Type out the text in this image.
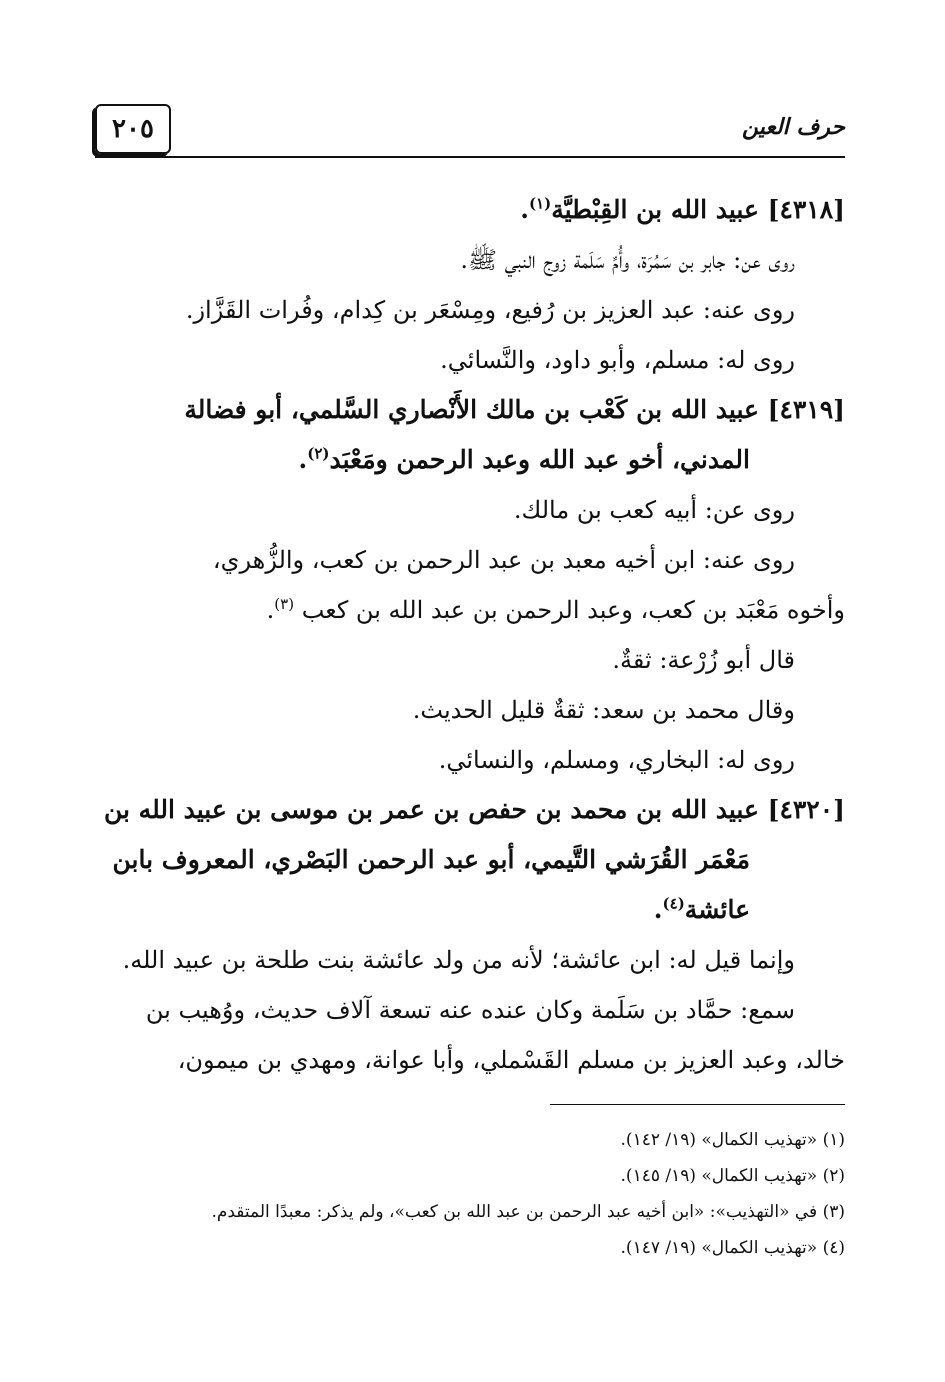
٢٠٥	حرف العين
[٤٣١٨] عبيد الله بن القِبْطيَّة$^{(١)}$.
روى عن: جابر بن سَمُرَة، وأُمِّ سَلَمة زوج النبي ﷺ.
روى عنه: عبد العزيز بن رُفيع، ومِسْعَر بن كِدام، وفُرات القَزَّاز.
روى له: مسلم، وأبو داود، والنَّسائي.
[٤٣١٩] عبيد الله بن كَعْب بن مالك الأَنْصاري السَّلمي، أبو فضالة
المدني، أخو عبد الله وعبد الرحمن ومَعْبَد$^{(٢)}$.
روى عن: أبيه كعب بن مالك.
روى عنه: ابن أخيه معبد بن عبد الرحمن بن كعب، والزُّهري،
وأخوه مَعْبَد بن كعب، وعبد الرحمن بن عبد الله بن كعب $^{(٣)}$.
قال أبو زُرْعة: ثقةٌ.
وقال محمد بن سعد: ثقةٌ قليل الحديث.
روى له: البخاري، ومسلم، والنسائي.
[٤٣٢٠] عبيد الله بن محمد بن حفص بن عمر بن موسى بن عبيد الله بن
مَعْمَر القُرَشي التَّيمي، أبو عبد الرحمن البَصْري، المعروف بابن
عائشة$^{(٤)}$.
وإنما قيل له: ابن عائشة؛ لأنه من ولد عائشة بنت طلحة بن عبيد الله.
سمع: حمَّاد بن سَلَمة وكان عنده عنه تسعة آلاف حديث، ووُهيب بن
خالد، وعبد العزيز بن مسلم القَسْملي، وأبا عوانة، ومهدي بن ميمون،
(١) «تهذيب الكمال» (١٩/ ١٤٢).
(٢) «تهذيب الكمال» (١٩/ ١٤٥).
(٣) في «التهذيب»: «ابن أخيه عبد الرحمن بن عبد الله بن كعب»، ولم يذكر: معبدًا المتقدم.
(٤) «تهذيب الكمال» (١٩/ ١٤٧).
